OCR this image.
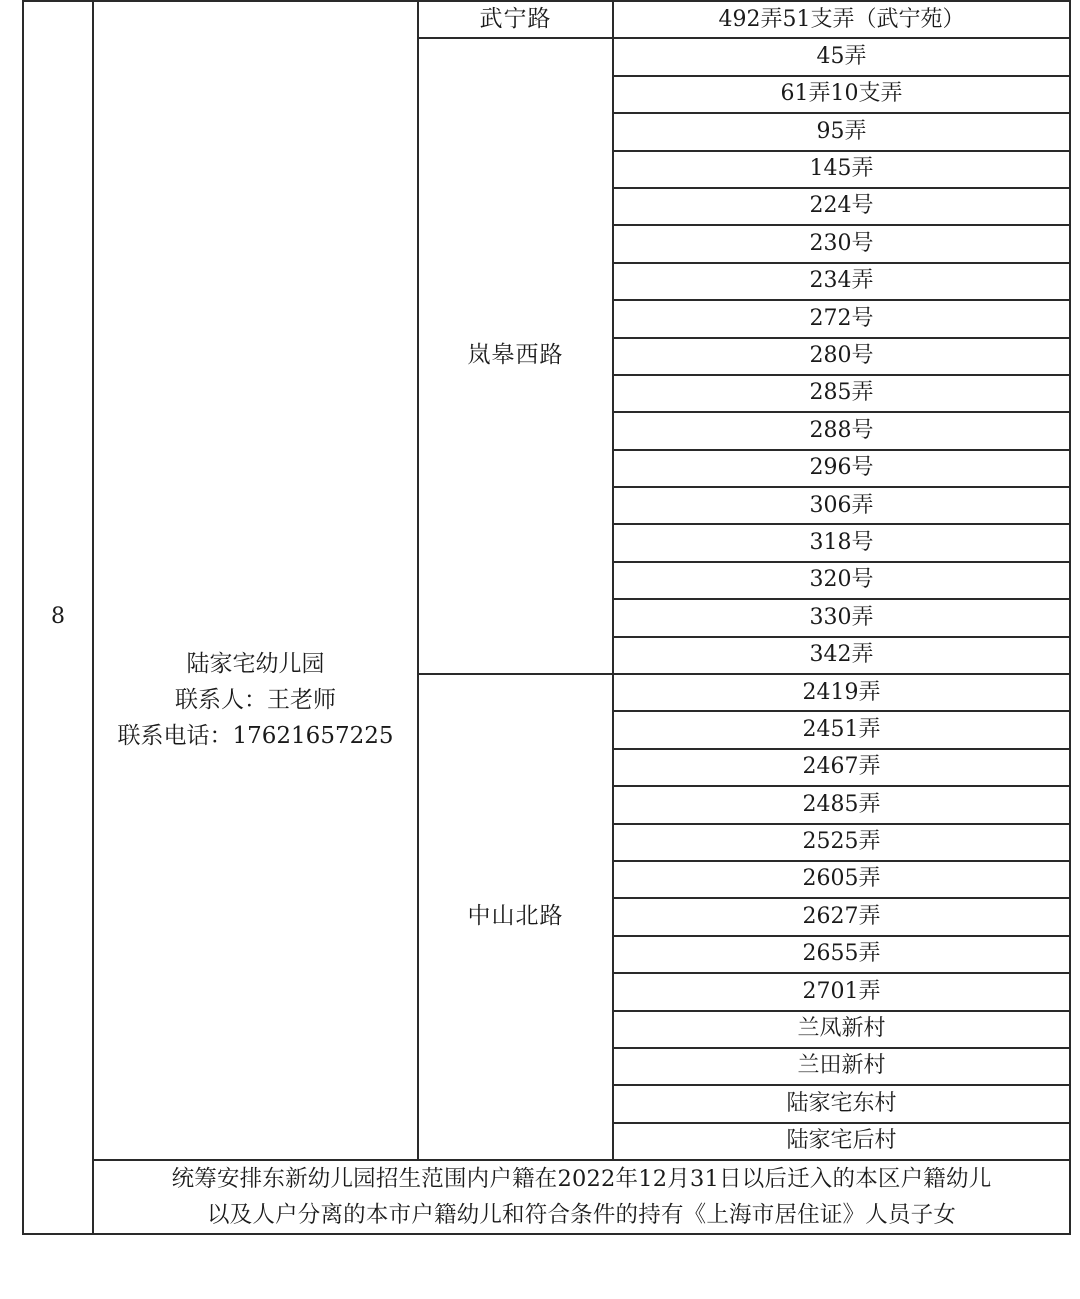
8	陆家宅幼儿园
联系人：王老师
联系电话：17621657225	武宁路	492弄51支弄（武宁苑）
		岚皋西路	45弄
			61弄10支弄
			95弄
			145弄
			224号
			230号
			234弄
			272号
			280号
			285弄
			288号
			296号
			306弄
			318号
			320号
			330弄
			342弄
		中山北路	2419弄
			2451弄
			2467弄
			2485弄
			2525弄
			2605弄
			2627弄
			2655弄
			2701弄
			兰凤新村
			兰田新村
			陆家宅东村
			陆家宅后村

	统筹安排东新幼儿园招生范围内户籍在2022年12月31日以后迁入的本区户籍幼儿
以及人户分离的本市户籍幼儿和符合条件的持有《上海市居住证》人员子女		
